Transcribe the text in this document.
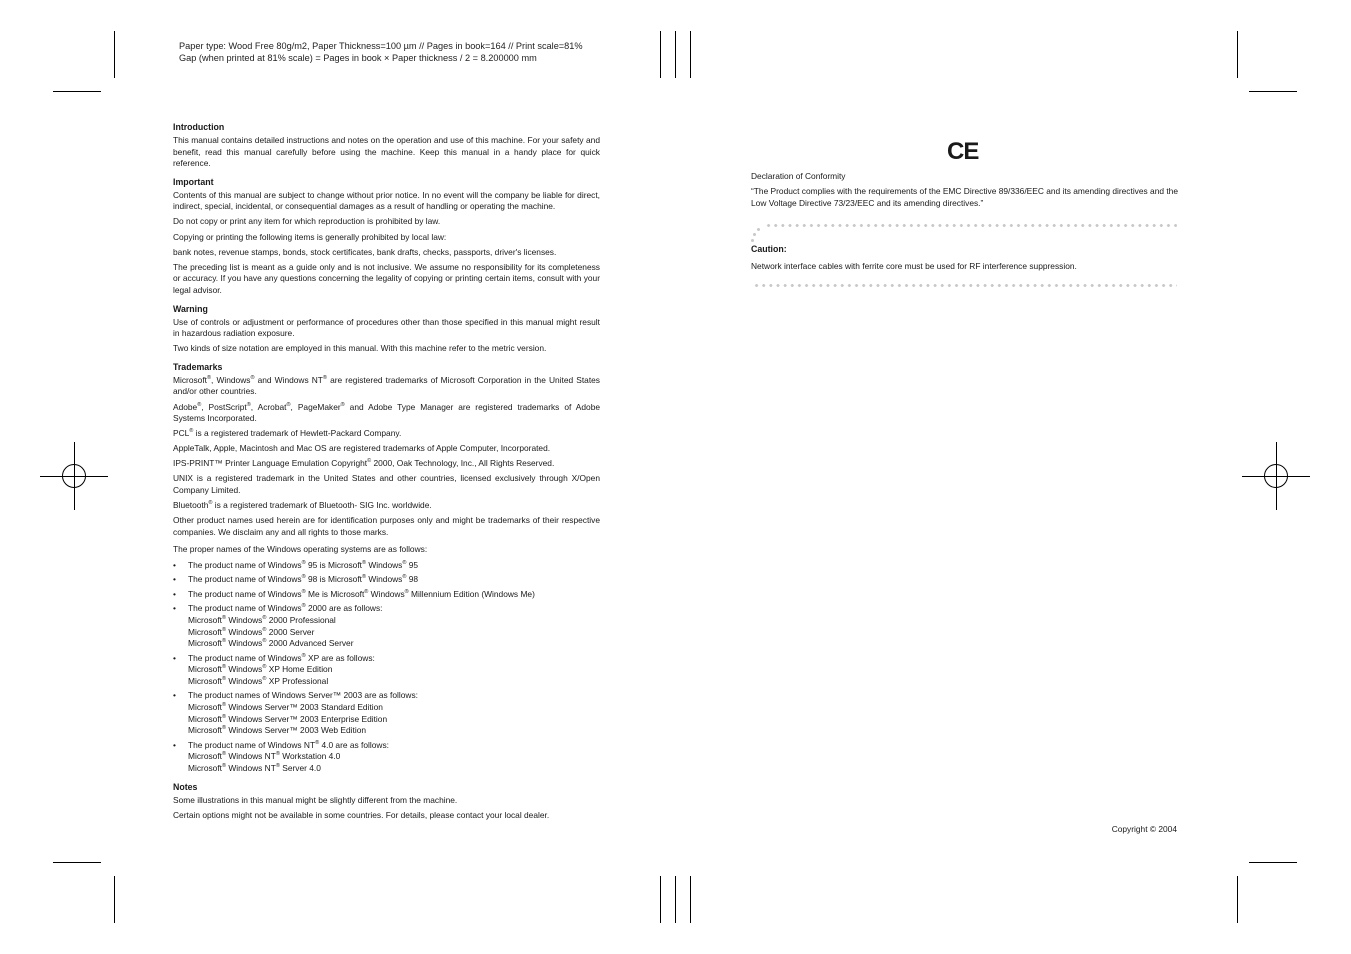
Paper type: Wood Free 80g/m2, Paper Thickness=100 µm // Pages in book=164 // Print scale=81%
Gap (when printed at 81% scale) = Pages in book × Paper thickness / 2 = 8.200000 mm
Introduction

This manual contains detailed instructions and notes on the operation and use of this machine. For your safety and benefit, read this manual carefully before using the machine. Keep this manual in a handy place for quick reference.

Important

Contents of this manual are subject to change without prior notice. In no event will the company be liable for direct, indirect, special, incidental, or consequential damages as a result of handling or operating the machine.

Do not copy or print any item for which reproduction is prohibited by law.

Copying or printing the following items is generally prohibited by local law:

bank notes, revenue stamps, bonds, stock certificates, bank drafts, checks, passports, driver's licenses.

The preceding list is meant as a guide only and is not inclusive. We assume no responsibility for its completeness or accuracy. If you have any questions concerning the legality of copying or printing certain items, consult with your legal advisor.

Warning

Use of controls or adjustment or performance of procedures other than those specified in this manual might result in hazardous radiation exposure.

Two kinds of size notation are employed in this manual. With this machine refer to the metric version.

Trademarks

Microsoft®, Windows® and Windows NT® are registered trademarks of Microsoft Corporation in the United States and/or other countries.

Adobe®, PostScript®, Acrobat®, PageMaker® and Adobe Type Manager are registered trademarks of Adobe Systems Incorporated.

PCL® is a registered trademark of Hewlett-Packard Company.

AppleTalk, Apple, Macintosh and Mac OS are registered trademarks of Apple Computer, Incorporated.

IPS-PRINT™ Printer Language Emulation Copyright© 2000, Oak Technology, Inc., All Rights Reserved.

UNIX is a registered trademark in the United States and other countries, licensed exclusively through X/Open Company Limited.

Bluetooth® is a registered trademark of Bluetooth- SIG Inc. worldwide.

Other product names used herein are for identification purposes only and might be trademarks of their respective companies. We disclaim any and all rights to those marks.

The proper names of the Windows operating systems are as follows:

• The product name of Windows® 95 is Microsoft® Windows® 95
• The product name of Windows® 98 is Microsoft® Windows® 98
• The product name of Windows® Me is Microsoft® Windows® Millennium Edition (Windows Me)
• The product name of Windows® 2000 are as follows:
Microsoft® Windows® 2000 Professional
Microsoft® Windows® 2000 Server
Microsoft® Windows® 2000 Advanced Server
• The product name of Windows® XP are as follows:
Microsoft® Windows® XP Home Edition
Microsoft® Windows® XP Professional
• The product names of Windows Server™ 2003 are as follows:
Microsoft® Windows Server™ 2003 Standard Edition
Microsoft® Windows Server™ 2003 Enterprise Edition
Microsoft® Windows Server™ 2003 Web Edition
• The product name of Windows NT® 4.0 are as follows:
Microsoft® Windows NT® Workstation 4.0
Microsoft® Windows NT® Server 4.0
Notes

Some illustrations in this manual might be slightly different from the machine.

Certain options might not be available in some countries. For details, please contact your local dealer.

CE
Declaration of Conformity
“The Product complies with the requirements of the EMC Directive 89/336/EEC and its amending directives and the Low Voltage Directive 73/23/EEC and its amending directives.”
Caution:
Network interface cables with ferrite core must be used for RF interference suppression.
Copyright © 2004
